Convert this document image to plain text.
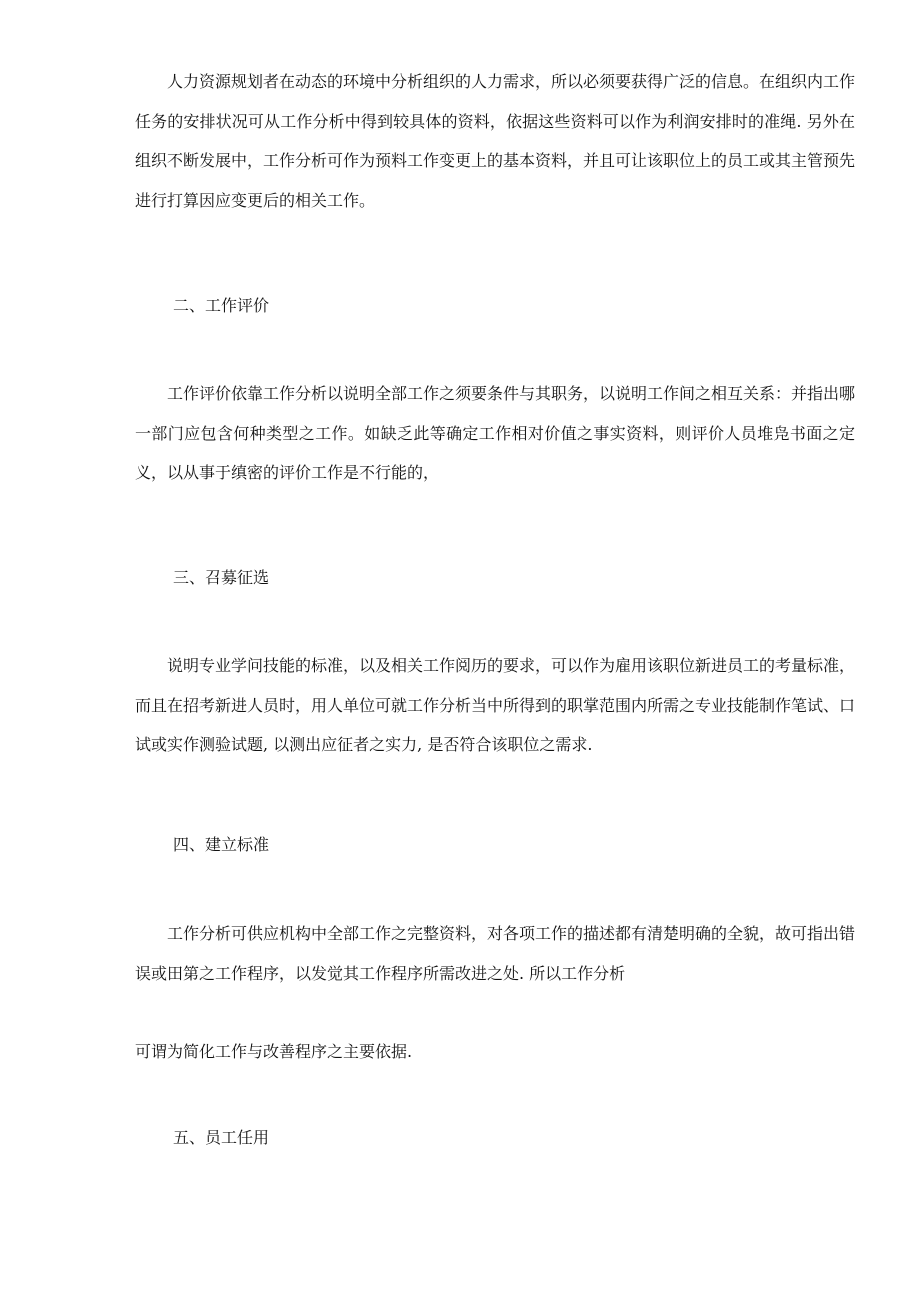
人力资源规划者在动态的环境中分析组织的人力需求，所以必须要获得广泛的信息。在组织内工作任务的安排状况可从工作分析中得到较具体的资料，依据这些资料可以作为利润安排时的准绳. 另外在组织不断发展中，工作分析可作为预料工作变更上的基本资料，并且可让该职位上的员工或其主管预先进行打算因应变更后的相关工作。

二、工作评价

工作评价依靠工作分析以说明全部工作之须要条件与其职务，以说明工作间之相互关系：并指出哪一部门应包含何种类型之工作。如缺乏此等确定工作相对价值之事实资料，则评价人员堆凫书面之定义，以从事于缜密的评价工作是不行能的，

三、召募征选

说明专业学问技能的标准，以及相关工作阅历的要求，可以作为雇用该职位新进员工的考量标准，而且在招考新进人员时，用人单位可就工作分析当中所得到的职掌范围内所需之专业技能制作笔试、口试或实作测验试题, 以测出应征者之实力, 是否符合该职位之需求.

四、建立标准

工作分析可供应机构中全部工作之完整资料，对各项工作的描述都有清楚明确的全貌，故可指出错误或田第之工作程序，以发觉其工作程序所需改进之处. 所以工作分析

可谓为简化工作与改善程序之主要依据.

五、员工任用
